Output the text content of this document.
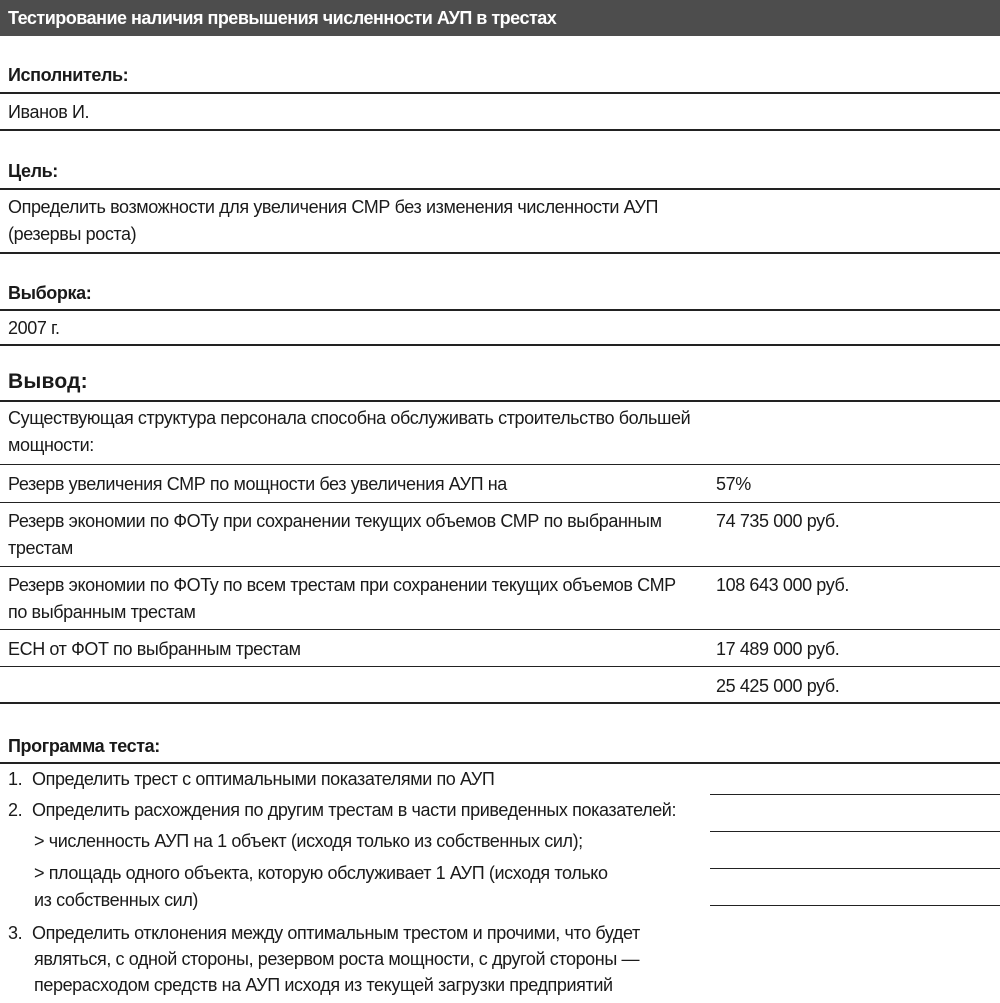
Тестирование наличия превышения численности АУП в трестах
Исполнитель:
Иванов И.
Цель:
Определить возможности для увеличения СМР без изменения численности АУП
(резервы роста)
Выборка:
2007 г.
Вывод:
Существующая структура персонала способна обслуживать строительство большей
мощности:
Резерв увеличения СМР по мощности без увеличения АУП на	57%
Резерв экономии по ФОТу при сохранении текущих объемов СМР по выбранным
трестам
74 735 000 руб.
Резерв экономии по ФОТу по всем трестам при сохранении текущих объемов СМР
по выбранным трестам
108 643 000 руб.
ЕСН от ФОТ по выбранным трестам	17 489 000 руб.
25 425 000 руб.
Программа теста:
1. Определить трест с оптимальными показателями по АУП
2. Определить расхождения по другим трестам в части приведенных показателей:
> численность АУП на 1 объект (исходя только из собственных сил);
> площадь одного объекта, которую обслуживает 1 АУП (исходя только
из собственных сил)
3. Определить отклонения между оптимальным трестом и прочими, что будет
являться, с одной стороны, резервом роста мощности, с другой стороны —
перерасходом средств на АУП исходя из текущей загрузки предприятий
